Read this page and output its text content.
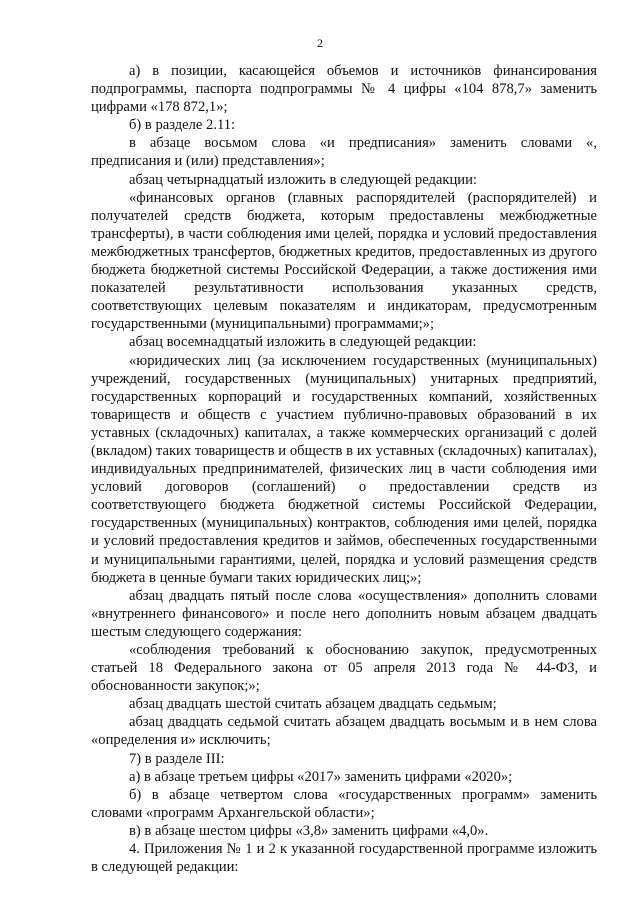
2

а) в позиции, касающейся объемов и источников финансирования подпрограммы, паспорта подпрограммы № 4 цифры «104 878,7» заменить цифрами «178 872,1»;

б) в разделе 2.11:

в абзаце восьмом слова «и предписания» заменить словами «, предписания и (или) представления»;

абзац четырнадцатый изложить в следующей редакции:

«финансовых органов (главных распорядителей (распорядителей) и получателей средств бюджета, которым предоставлены межбюджетные трансферты), в части соблюдения ими целей, порядка и условий предоставления межбюджетных трансфертов, бюджетных кредитов, предоставленных из другого бюджета бюджетной системы Российской Федерации, а также достижения ими показателей результативности использования указанных средств, соответствующих целевым показателям и индикаторам, предусмотренным государственными (муниципальными) программами;»;

абзац восемнадцатый изложить в следующей редакции:

«юридических лиц (за исключением государственных (муниципальных) учреждений, государственных (муниципальных) унитарных предприятий, государственных корпораций и государственных компаний, хозяйственных товариществ и обществ с участием публично-правовых образований в их уставных (складочных) капиталах, а также коммерческих организаций с долей (вкладом) таких товариществ и обществ в их уставных (складочных) капиталах), индивидуальных предпринимателей, физических лиц в части соблюдения ими условий договоров (соглашений) о предоставлении средств из соответствующего бюджета бюджетной системы Российской Федерации, государственных (муниципальных) контрактов, соблюдения ими целей, порядка и условий предоставления кредитов и займов, обеспеченных государственными и муниципальными гарантиями, целей, порядка и условий размещения средств бюджета в ценные бумаги таких юридических лиц;»;

абзац двадцать пятый после слова «осуществления» дополнить словами «внутреннего финансового» и после него дополнить новым абзацем двадцать шестым следующего содержания:

«соблюдения требований к обоснованию закупок, предусмотренных статьей 18 Федерального закона от 05 апреля 2013 года № 44-ФЗ, и обоснованности закупок;»;

абзац двадцать шестой считать абзацем двадцать седьмым;

абзац двадцать седьмой считать абзацем двадцать восьмым и в нем слова «определения и» исключить;

7) в разделе III:

а) в абзаце третьем цифры «2017» заменить цифрами «2020»;

б) в абзаце четвертом слова «государственных программ» заменить словами «программ Архангельской области»;

в) в абзаце шестом цифры «3,8» заменить цифрами «4,0».

4. Приложения № 1 и 2 к указанной государственной программе изложить в следующей редакции:
